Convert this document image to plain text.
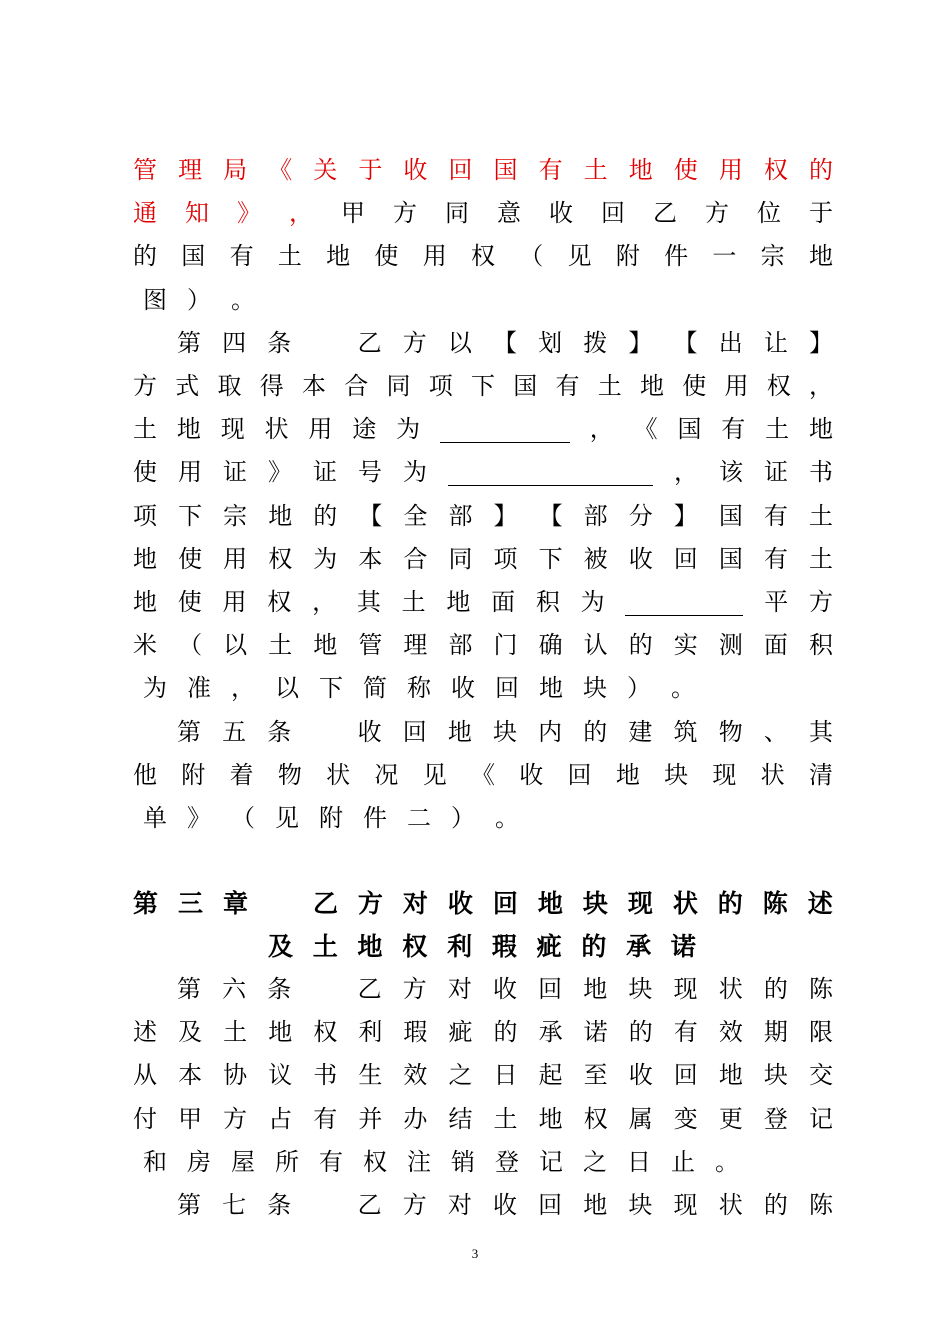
管 理 局 《 关 于 收 回 国 有 土 地 使 用 权 的
通 知 》 ， 甲 方 同 意 收 回 乙 方 位 于
的 国 有 土 地 使 用 权 （ 见 附 件 一 宗 地
图 ） 。
第 四 条
　	乙 方 以 【 划 拨 】 【 出 让 】
方 式 取 得 本 合 同 项 下 国 有 土 地 使 用 权 ，
土 地 现 状 用 途 为	， 《 国 有 土 地
使 用 证 》 证 号 为	， 该 证 书
项 下 宗 地 的 【 全 部 】 【 部 分 】 国 有 土
地 使 用 权 为 本 合 同 项 下 被 收 回 国 有 土
地 使 用 权 ， 其 土 地 面 积 为	平 方
米 （ 以 土 地 管 理 部 门 确 认 的 实 测 面 积
为 准 ， 以 下 简 称 收 回 地 块 ） 。
第 五 条
　	收 回 地 块 内 的 建 筑 物 、 其
他 附 着 物 状 况 见 《 收 回 地 块 现 状 清
单 》 （ 见 附 件 二 ） 。
第 三 章
　	乙 方 对 收 回 地 块 现 状 的 陈 述
及 土 地 权 利 瑕 疵 的 承 诺
第 六 条
　	乙 方 对 收 回 地 块 现 状 的 陈
述 及 土 地 权 利 瑕 疵 的 承 诺 的 有 效 期 限
从 本 协 议 书 生 效 之 日 起 至 收 回 地 块 交
付 甲 方 占 有 并 办 结 土 地 权 属 变 更 登 记
和 房 屋 所 有 权 注 销 登 记 之 日 止 。
第 七 条
　	乙 方 对 收 回 地 块 现 状 的 陈
3
